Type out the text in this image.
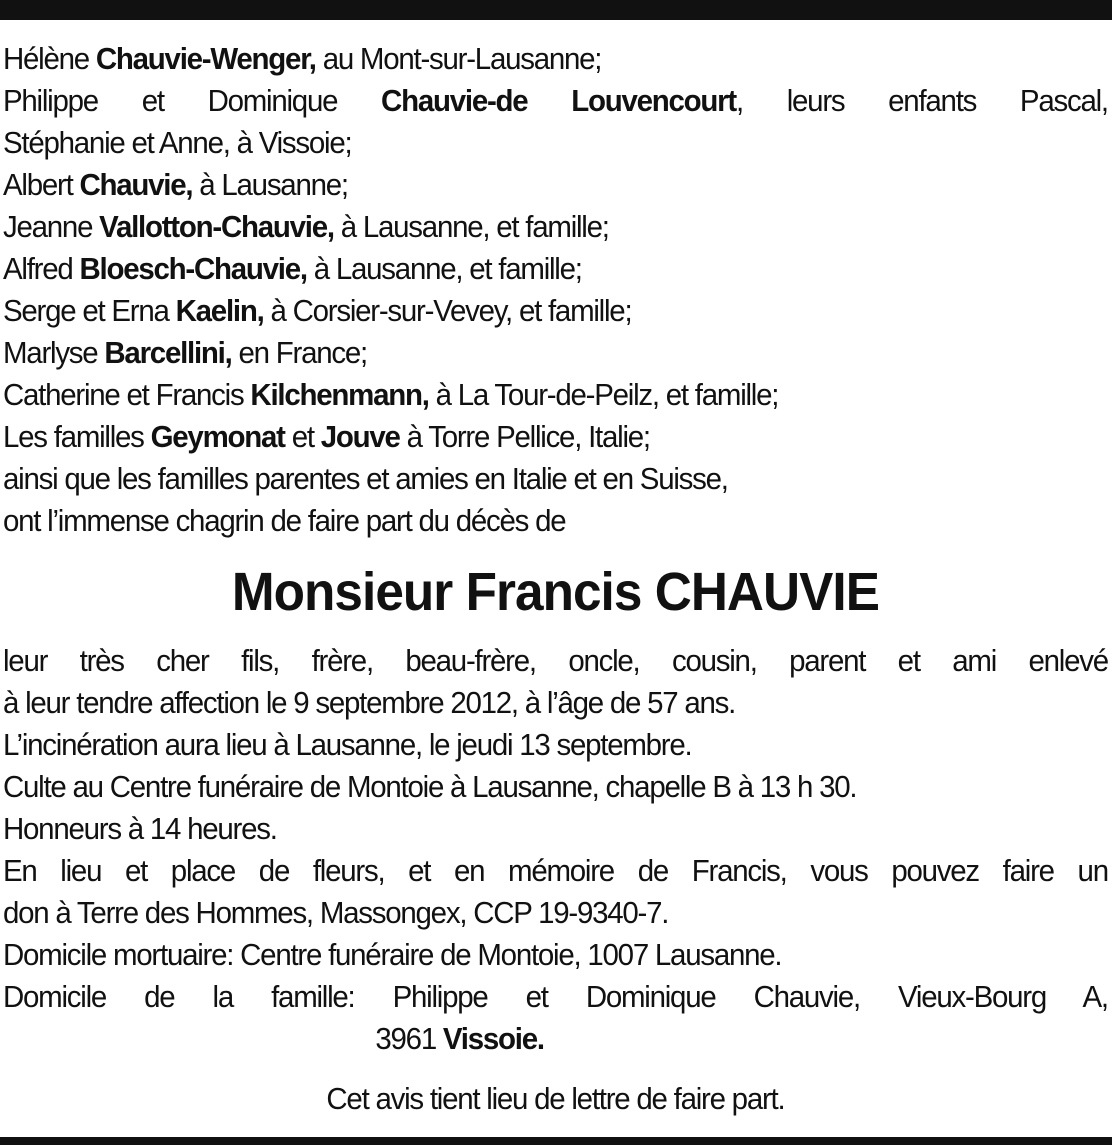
Hélène Chauvie-Wenger, au Mont-sur-Lausanne;

Philippe et Dominique Chauvie-de Louvencourt, leurs enfants Pascal,

Stéphanie et Anne, à Vissoie;

Albert Chauvie, à Lausanne;

Jeanne Vallotton-Chauvie, à Lausanne, et famille;

Alfred Bloesch-Chauvie, à Lausanne, et famille;

Serge et Erna Kaelin, à Corsier-sur-Vevey, et famille;

Marlyse Barcellini, en France;

Catherine et Francis Kilchenmann, à La Tour-de-Peilz, et famille;

Les familles Geymonat et Jouve à Torre Pellice, Italie;

ainsi que les familles parentes et amies en Italie et en Suisse,

ont l’immense chagrin de faire part du décès de

Monsieur Francis CHAUVIE

leur très cher fils, frère, beau-frère, oncle, cousin, parent et ami enlevé

à leur tendre affection le 9 septembre 2012, à l’âge de 57 ans.

L’incinération aura lieu à Lausanne, le jeudi 13 septembre.

Culte au Centre funéraire de Montoie à Lausanne, chapelle B à 13 h 30.

Honneurs à 14 heures.

En lieu et place de fleurs, et en mémoire de Francis, vous pouvez faire un

don à Terre des Hommes, Massongex, CCP 19-9340-7.

Domicile mortuaire: Centre funéraire de Montoie, 1007 Lausanne.

Domicile de la famille: Philippe et Dominique Chauvie, Vieux-Bourg A,

3961 Vissoie.

Cet avis tient lieu de lettre de faire part.
